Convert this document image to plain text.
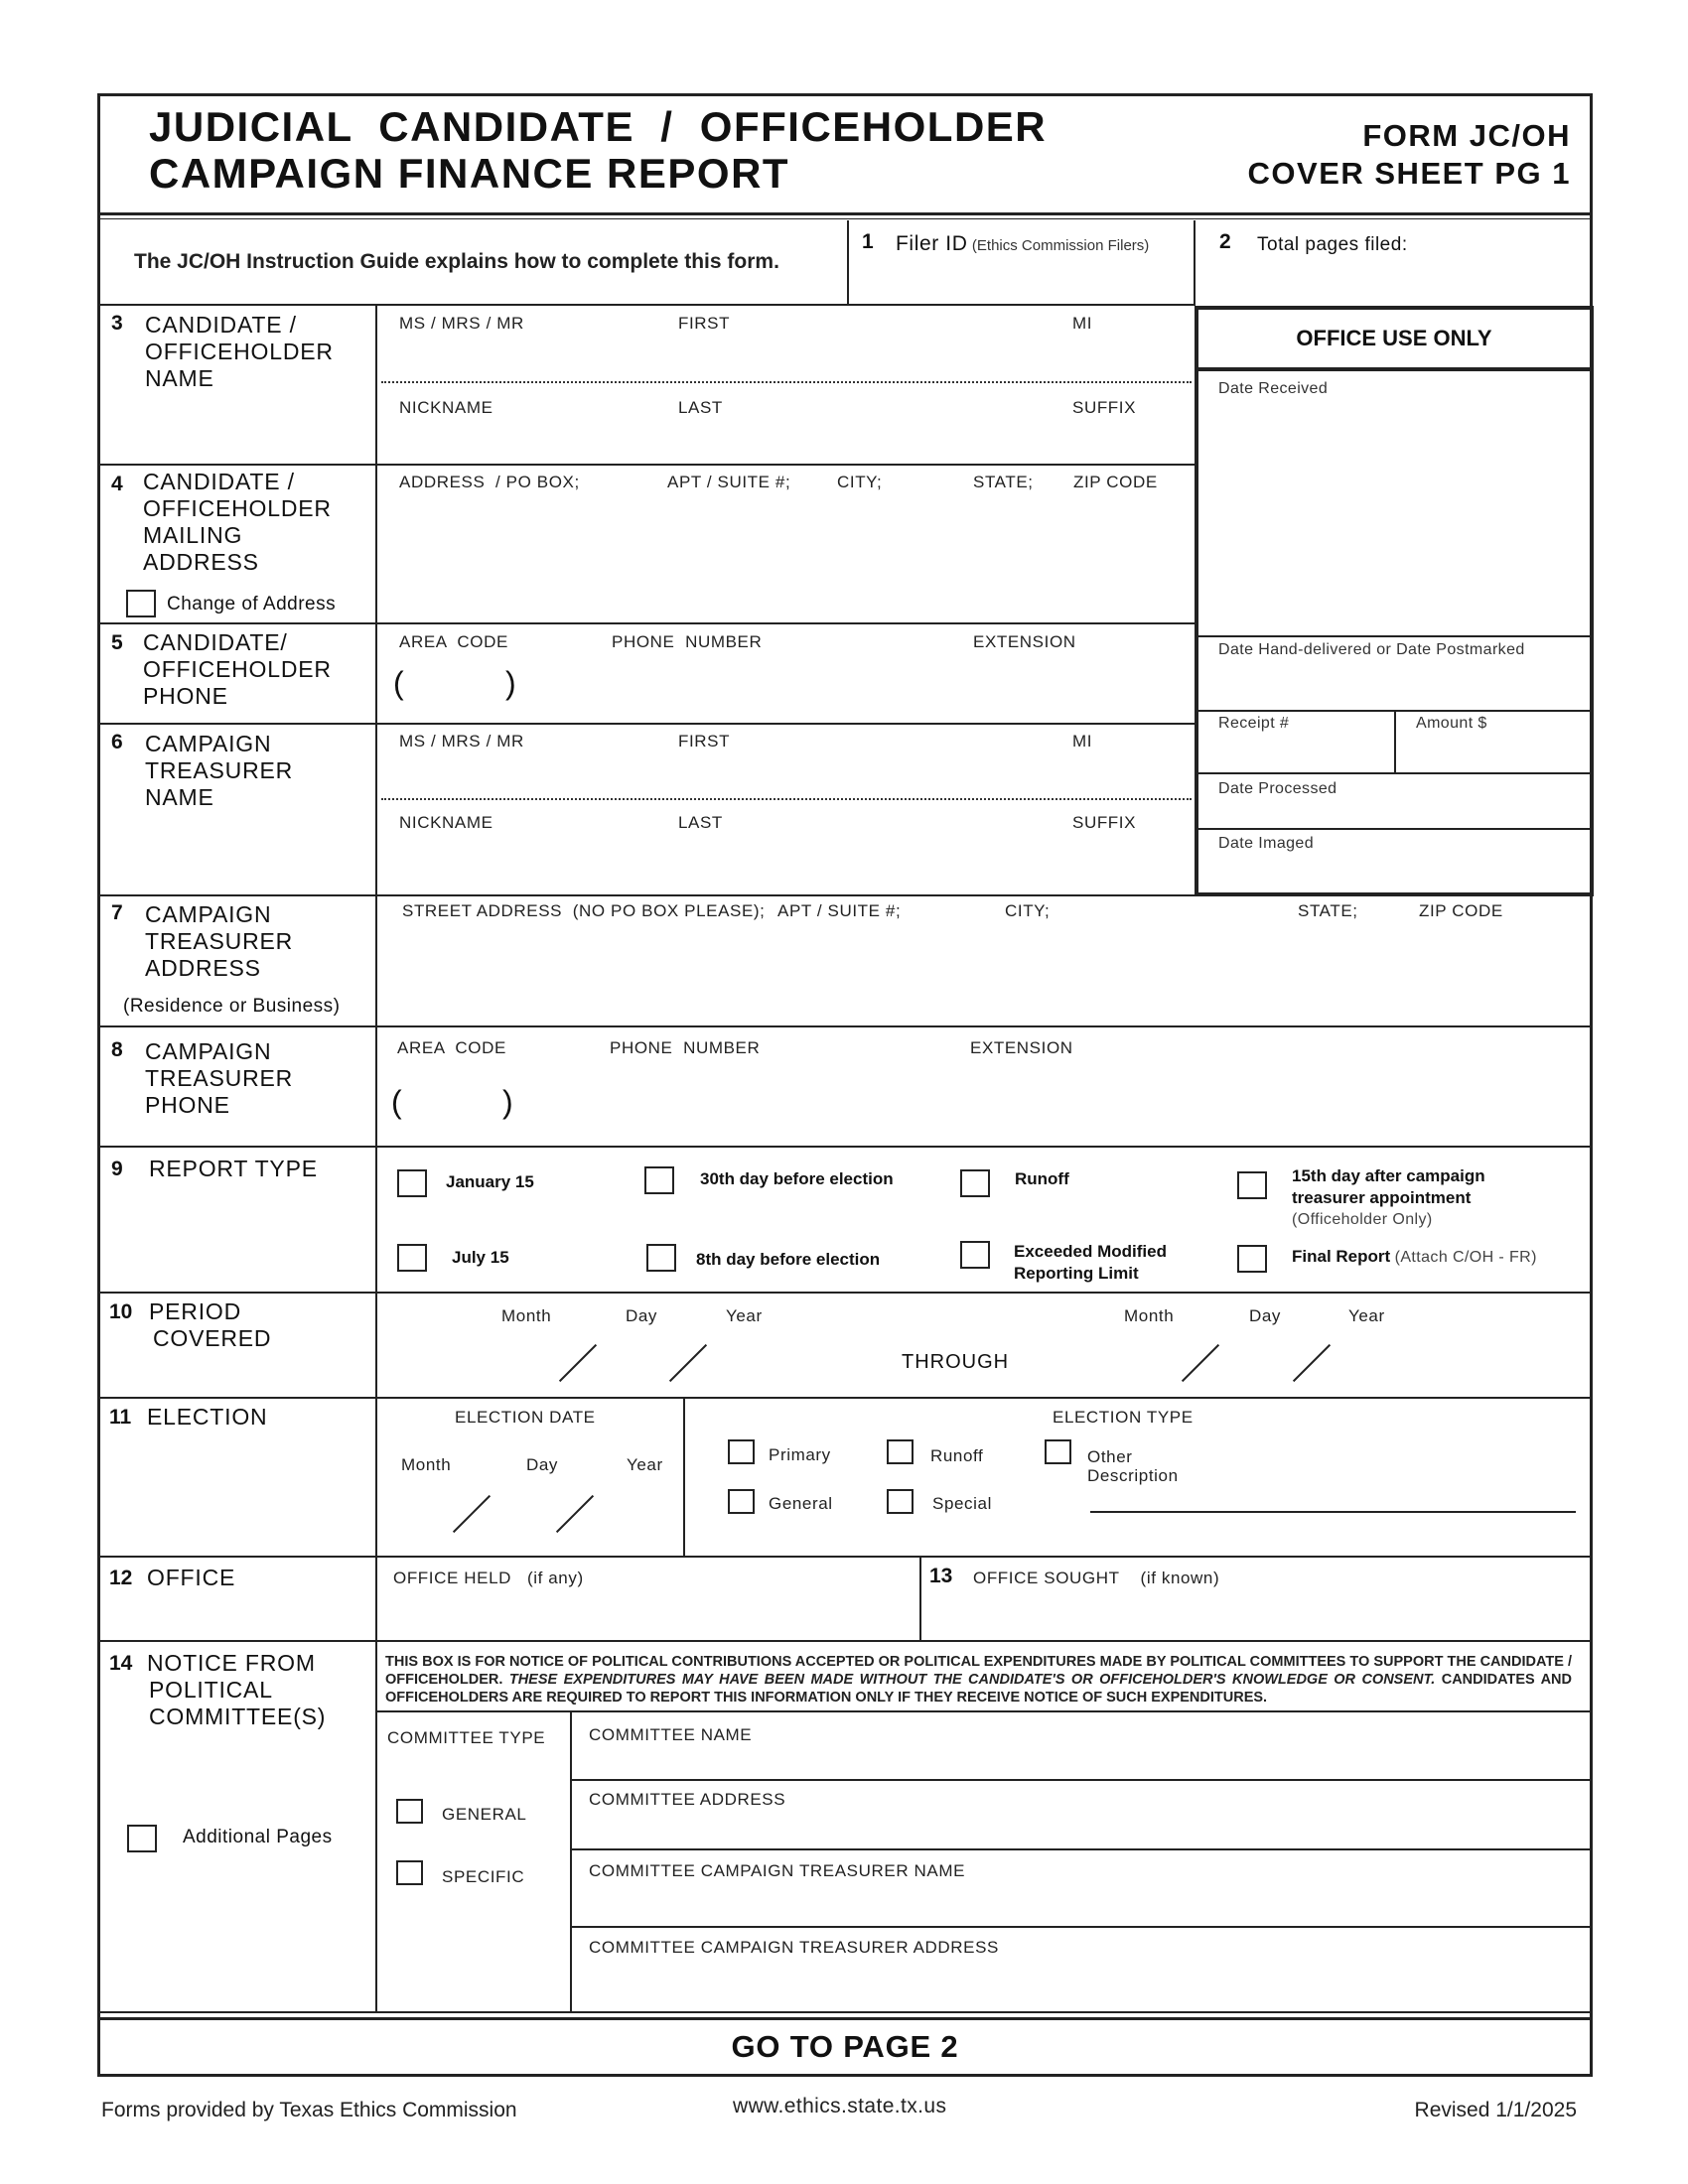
JUDICIAL  CANDIDATE  /  OFFICEHOLDER
CAMPAIGN FINANCE REPORT
FORM JC/OH
COVER SHEET PG 1
The JC/OH Instruction Guide explains how to complete this form.
1 Filer ID (Ethics Commission Filers)	2 Total pages filed:
OFFICE USE ONLY
Date Received
Date Hand-delivered or Date Postmarked
Receipt #	Amount $
Date Processed
Date Imaged
3 CANDIDATE /
OFFICEHOLDER
NAME
MS / MRS / MR	FIRST	MI
NICKNAME	LAST	SUFFIX
4 CANDIDATE /
OFFICEHOLDER
MAILING
ADDRESS
Change of Address
ADDRESS  / PO BOX;	APT / SUITE #;	CITY;	STATE; ZIP CODE
5 CANDIDATE/
OFFICEHOLDER
PHONE
AREA  CODE	PHONE  NUMBER	EXTENSION
(	)
6 CAMPAIGN
TREASURER
NAME
MS / MRS / MR	FIRST	MI
NICKNAME	LAST	SUFFIX
7 CAMPAIGN
TREASURER
ADDRESS
(Residence or Business)
STREET ADDRESS  (NO PO BOX PLEASE); APT / SUITE #;	CITY;	STATE;	ZIP CODE
8 CAMPAIGN
TREASURER
PHONE
AREA  CODE	PHONE  NUMBER	EXTENSION
(	)
9 REPORT TYPE
January 15	30th day before election	Runoff	15th day after campaign
treasurer appointment
(Officeholder Only)
July 15	8th day before election	Exceeded Modified
Reporting Limit
Final Report (Attach C/OH - FR)
10 PERIOD
COVERED
Month	Day	Year
THROUGH
Month	Day	Year
11 ELECTION	ELECTION DATE
Month	Day	Year
ELECTION TYPE
Primary	Runoff	Other
Description
General	Special
12 OFFICE	OFFICE HELD   (if any)	13 OFFICE SOUGHT    (if known)
14 NOTICE FROM
POLITICAL
COMMITTEE(S)
Additional Pages
THIS BOX IS FOR NOTICE OF POLITICAL CONTRIBUTIONS ACCEPTED OR POLITICAL EXPENDITURES MADE BY POLITICAL COMMITTEES TO SUPPORT THE CANDIDATE / OFFICEHOLDER. THESE EXPENDITURES MAY HAVE BEEN MADE WITHOUT THE CANDIDATE'S OR OFFICEHOLDER'S KNOWLEDGE OR CONSENT. CANDIDATES AND OFFICEHOLDERS ARE REQUIRED TO REPORT THIS INFORMATION ONLY IF THEY RECEIVE NOTICE OF SUCH EXPENDITURES.
COMMITTEE TYPE
GENERAL
SPECIFIC
COMMITTEE NAME
COMMITTEE ADDRESS
COMMITTEE CAMPAIGN TREASURER NAME
COMMITTEE CAMPAIGN TREASURER ADDRESS
GO TO PAGE 2
Forms provided by Texas Ethics Commission	www.ethics.state.tx.us	Revised 1/1/2025
